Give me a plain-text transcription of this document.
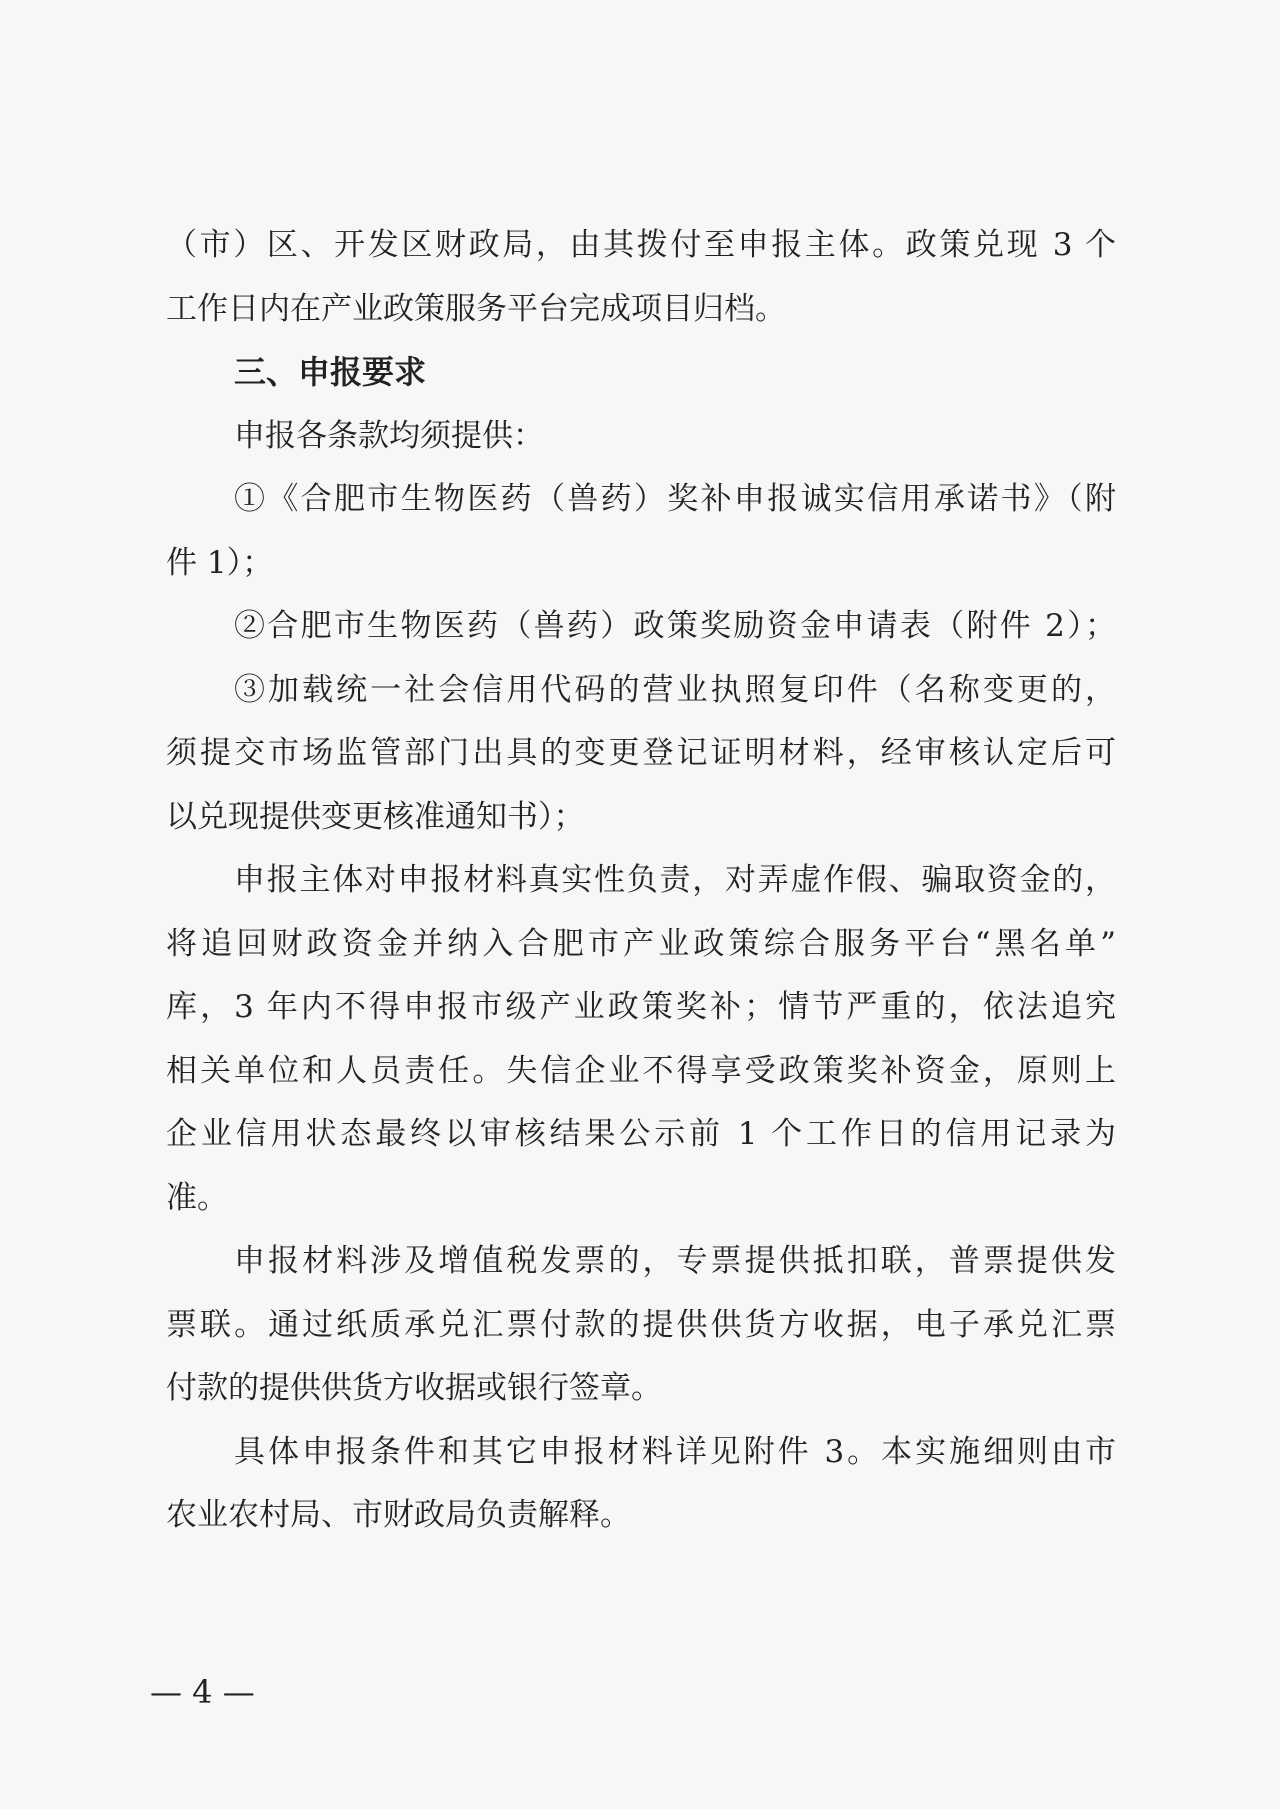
（市）区、开发区财政局，由其拨付至申报主体。政策兑现 3 个
工作日内在产业政策服务平台完成项目归档。
三、申报要求
申报各条款均须提供：
①《合肥市生物医药（兽药）奖补申报诚实信用承诺书》（附
件 1）；
②合肥市生物医药（兽药）政策奖励资金申请表（附件 2）；
③加载统一社会信用代码的营业执照复印件（名称变更的，
须提交市场监管部门出具的变更登记证明材料，经审核认定后可
以兑现提供变更核准通知书）；
申报主体对申报材料真实性负责，对弄虚作假、骗取资金的，
将追回财政资金并纳入合肥市产业政策综合服务平台“黑名单”
库，3 年内不得申报市级产业政策奖补；情节严重的，依法追究
相关单位和人员责任。失信企业不得享受政策奖补资金，原则上
企业信用状态最终以审核结果公示前 1 个工作日的信用记录为
准。
申报材料涉及增值税发票的，专票提供抵扣联，普票提供发
票联。通过纸质承兑汇票付款的提供供货方收据，电子承兑汇票
付款的提供供货方收据或银行签章。
具体申报条件和其它申报材料详见附件 3。本实施细则由市
农业农村局、市财政局负责解释。
— 4 —
